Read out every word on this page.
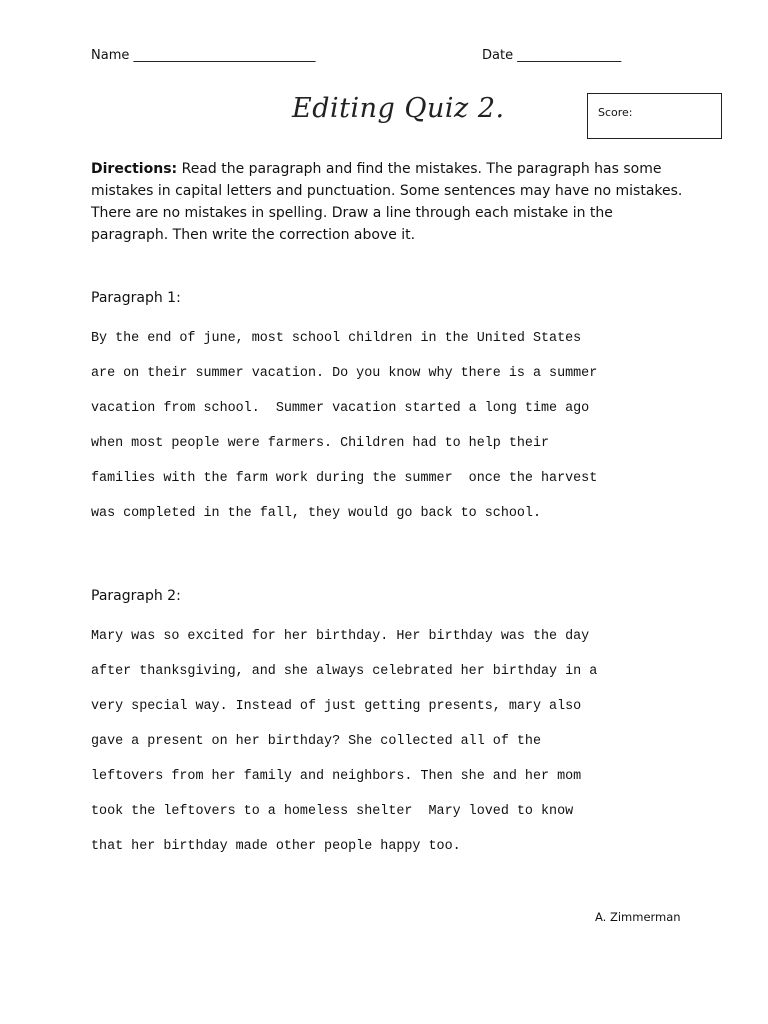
Name ____________________________	Date ________________
Editing Quiz 2.	Score:
Directions: Read the paragraph and find the mistakes. The paragraph has some
mistakes in capital letters and punctuation. Some sentences may have no mistakes.
There are no mistakes in spelling. Draw a line through each mistake in the
paragraph. Then write the correction above it.
Paragraph 1:
By the end of june, most school children in the United States
are on their summer vacation. Do you know why there is a summer
vacation from school.  Summer vacation started a long time ago
when most people were farmers. Children had to help their
families with the farm work during the summer  once the harvest
was completed in the fall, they would go back to school.
Paragraph 2:
Mary was so excited for her birthday. Her birthday was the day
after thanksgiving, and she always celebrated her birthday in a
very special way. Instead of just getting presents, mary also
gave a present on her birthday? She collected all of the
leftovers from her family and neighbors. Then she and her mom
took the leftovers to a homeless shelter  Mary loved to know
that her birthday made other people happy too.
A. Zimmerman
